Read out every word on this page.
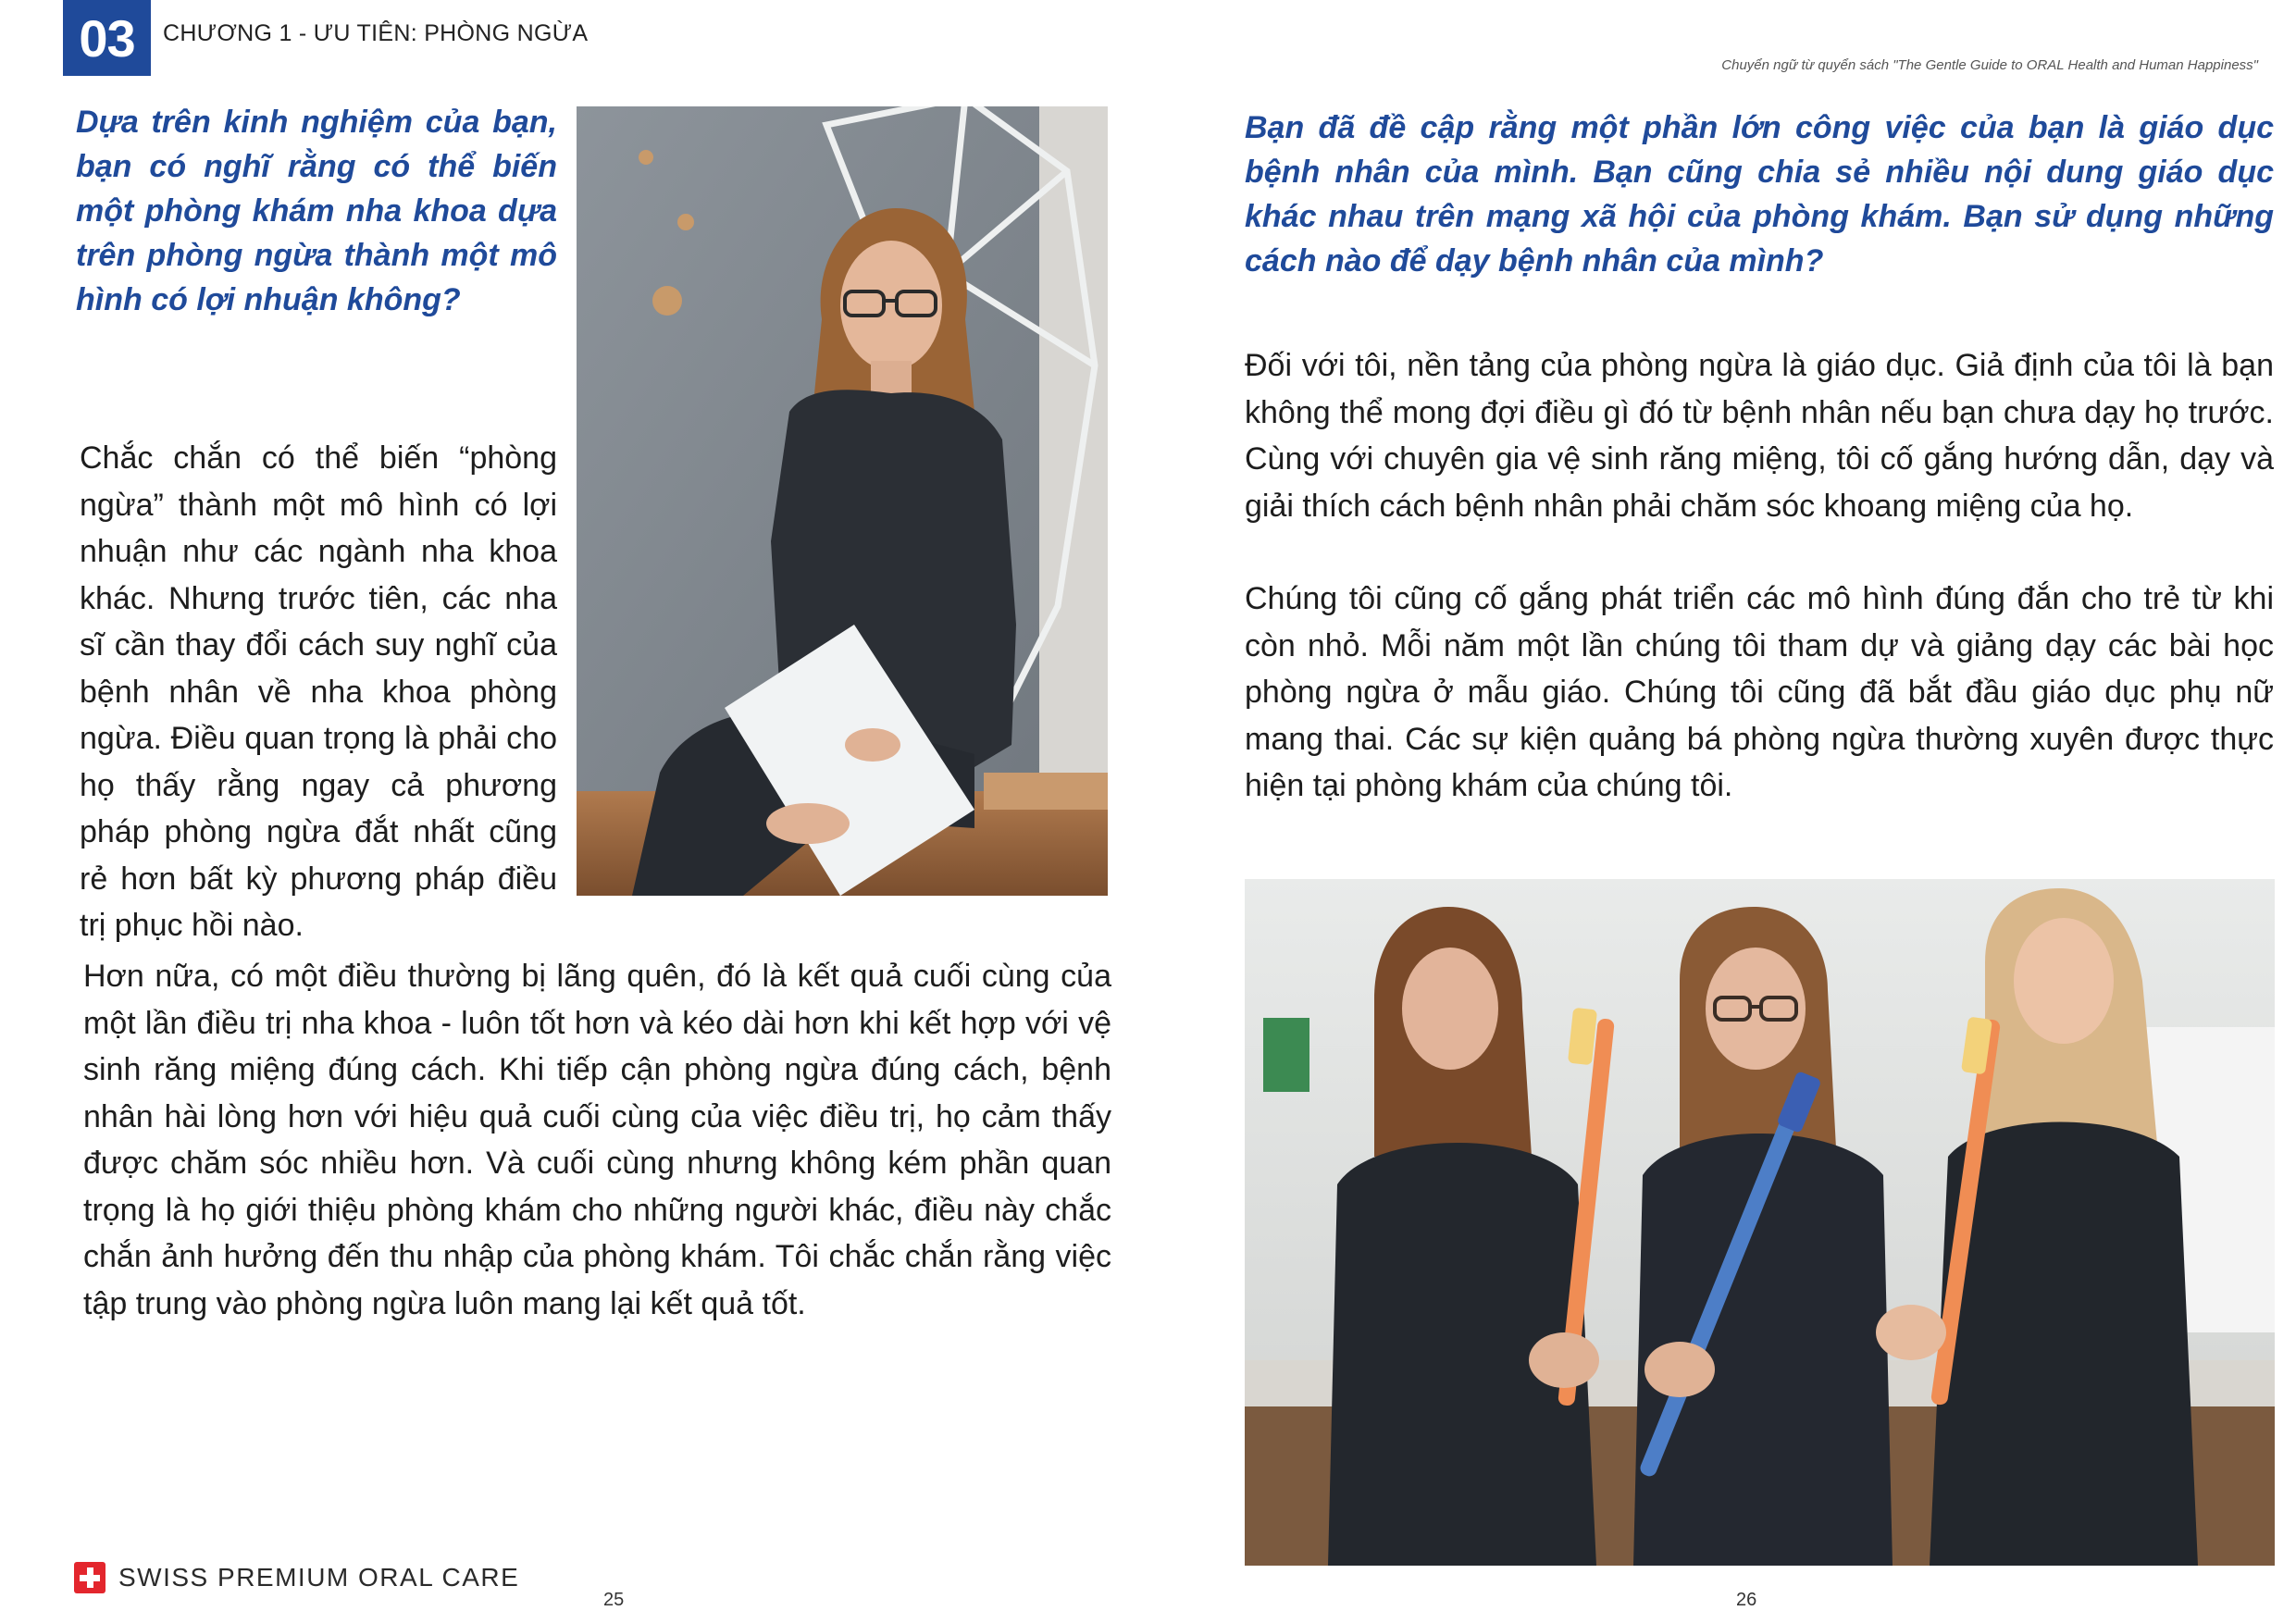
03	CHƯƠNG 1 - ƯU TIÊN: PHÒNG NGỪA
Chuyển ngữ từ quyển sách "The Gentle Guide to ORAL Health and Human Happiness"
Dựa trên kinh nghiệm của bạn, bạn có nghĩ rằng có thể biến một phòng khám nha khoa dựa trên phòng ngừa thành một mô hình có lợi nhuận không?
Chắc chắn có thể biến “phòng ngừa” thành một mô hình có lợi nhuận như các ngành nha khoa khác. Nhưng trước tiên, các nha sĩ cần thay đổi cách suy nghĩ của bệnh nhân về nha khoa phòng ngừa. Điều quan trọng là phải cho họ thấy rằng ngay cả phương pháp phòng ngừa đắt nhất cũng rẻ hơn bất kỳ phương pháp điều trị phục hồi nào.
Hơn nữa, có một điều thường bị lãng quên, đó là kết quả cuối cùng của một lần điều trị nha khoa - luôn tốt hơn và kéo dài hơn khi kết hợp với vệ sinh răng miệng đúng cách. Khi tiếp cận phòng ngừa đúng cách, bệnh nhân hài lòng hơn với hiệu quả cuối cùng của việc điều trị, họ cảm thấy được chăm sóc nhiều hơn. Và cuối cùng nhưng không kém phần quan trọng là họ giới thiệu phòng khám cho những người khác, điều này chắc chắn ảnh hưởng đến thu nhập của phòng khám. Tôi chắc chắn rằng việc tập trung vào phòng ngừa luôn mang lại kết quả tốt.
SWISS PREMIUM ORAL CARE
25
Bạn đã đề cập rằng một phần lớn công việc của bạn là giáo dục bệnh nhân của mình. Bạn cũng chia sẻ nhiều nội dung giáo dục khác nhau trên mạng xã hội của phòng khám. Bạn sử dụng những cách nào để dạy bệnh nhân của mình?
Đối với tôi, nền tảng của phòng ngừa là giáo dục. Giả định của tôi là bạn không thể mong đợi điều gì đó từ bệnh nhân nếu bạn chưa dạy họ trước. Cùng với chuyên gia vệ sinh răng miệng, tôi cố gắng hướng dẫn, dạy và giải thích cách bệnh nhân phải chăm sóc khoang miệng của họ.
Chúng tôi cũng cố gắng phát triển các mô hình đúng đắn cho trẻ từ khi còn nhỏ. Mỗi năm một lần chúng tôi tham dự và giảng dạy các bài học phòng ngừa ở mẫu giáo. Chúng tôi cũng đã bắt đầu giáo dục phụ nữ mang thai. Các sự kiện quảng bá phòng ngừa thường xuyên được thực hiện tại phòng khám của chúng tôi.
26
